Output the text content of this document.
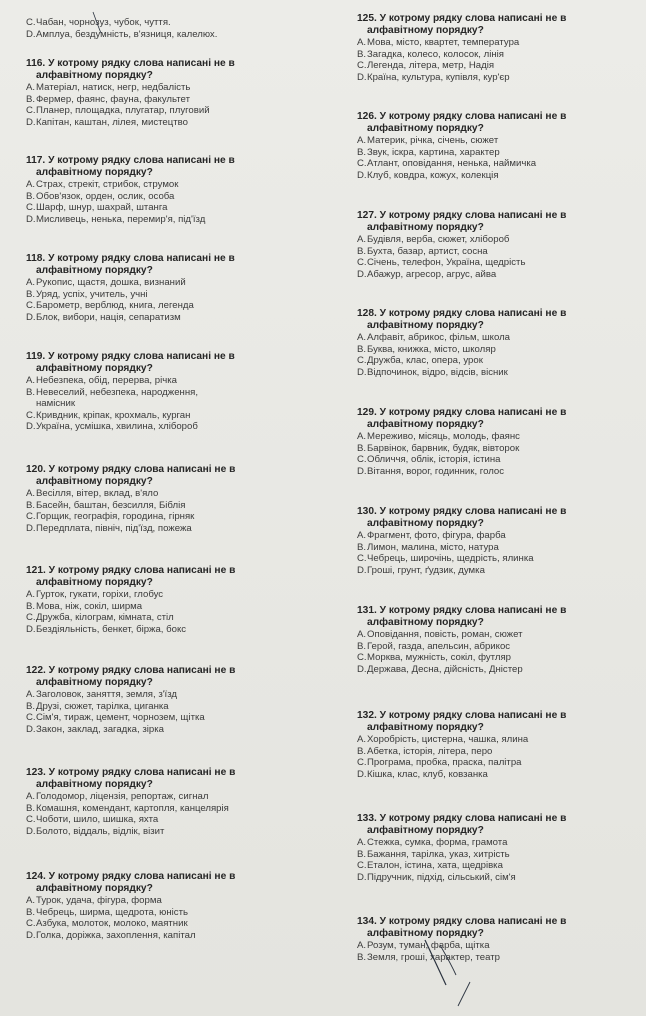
C.Чабан, чорнозуз, чубок, чуття.
D.Амплуа, бездумність, в'язниця, калелюх.
116. У котрому рядку слова написані не в
алфавітному порядку?
A.Матеріал, натиск, негр, недбалість
B.Фермер, фаянс, фауна, факультет
C.Планер, площадка, плугатар, плуговий
D.Капітан, каштан, лілея, мистецтво
117. У котрому рядку слова написані не в
алфавітному порядку?
A.Страх, стрекіт, стрибок, струмок
B.Обов'язок, орден, ослик, особа
C.Шарф, шнур, шахрай, штанга
D.Мисливець, ненька, перемир'я, під'їзд
118. У котрому рядку слова написані не в
алфавітному порядку?
A.Рукопис, щастя, дошка, визнаний
B.Уряд, успіх, учитель, учні
C.Барометр, верблюд, книга, легенда
D.Блок, вибори, нація, сепаратизм
119. У котрому рядку слова написані не в
алфавітному порядку?
A.Небезпека, обід, перерва, річка
B.Невеселий, небезпека, народження,
намісник
C.Кривдник, кріпак, крохмаль, курган
D.Україна, усмішка, хвилина, хлібороб
120. У котрому рядку слова написані не в
алфавітному порядку?
A.Весілля, вітер, вклад, в'яло
B.Басейн, баштан, безсилля, Біблія
C.Горщик, географія, городина, гірняк
D.Передплата, північ, під'їзд, пожежа
121. У котрому рядку слова написані не в
алфавітному порядку?
A.Гурток, гукати, горіхи, глобус
B.Мова, ніж, сокіл, ширма
C.Дружба, кілограм, кімната, стіл
D.Бездіяльність, бенкет, біржа, бокс
122. У котрому рядку слова написані не в
алфавітному порядку?
A.Заголовок, заняття, земля, з'їзд
B.Друзі, сюжет, тарілка, циганка
C.Сім'я, тираж, цемент, чорнозем, щітка
D.Закон, заклад, загадка, зірка
123. У котрому рядку слова написані не в
алфавітному порядку?
A.Голодомор, ліцензія, репортаж, сигнал
B.Комашня, комендант, картопля, канцелярія
C.Чоботи, шило, шишка, яхта
D.Болото, віддаль, відлік, візит
124. У котрому рядку слова написані не в
алфавітному порядку?
A.Турок, удача, фігура, форма
B.Чебрець, ширма, щедрота, юність
C.Азбука, молоток, молоко, маятник
D.Голка, доріжка, захоплення, капітал
125. У котрому рядку слова написані не в
алфавітному порядку?
A.Мова, місто, квартет, температура
B.Загадка, колесо, колосок, лінія
C.Легенда, літера, метр, Надія
D.Країна, культура, купівля, кур'єр
126. У котрому рядку слова написані не в
алфавітному порядку?
A.Материк, річка, січень, сюжет
B.Звук, іскра, картина, характер
C.Атлант, оповідання, ненька, наймичка
D.Клуб, ковдра, кожух, колекція
127. У котрому рядку слова написані не в
алфавітному порядку?
A.Будівля, верба, сюжет, хлібороб
B.Бухта, базар, артист, сосна
C.Січень, телефон, Україна, щедрість
D.Абажур, агресор, агрус, айва
128. У котрому рядку слова написані не в
алфавітному порядку?
A.Алфавіт, абрикос, фільм, школа
B.Буква, книжка, місто, школяр
C.Дружба, клас, опера, урок
D.Відпочинок, відро, відсів, вісник
129. У котрому рядку слова написані не в
алфавітному порядку?
A.Мереживо, місяць, молодь, фаянс
B.Барвінок, барвник, будяк, вівторок
C.Обличчя, облік, історія, істина
D.Вітання, ворог, годинник, голос
130. У котрому рядку слова написані не в
алфавітному порядку?
A.Фрагмент, фото, фігура, фарба
B.Лимон, малина, місто, натура
C.Чебрець, широчінь, щедрість, ялинка
D.Гроші, грунт, ґудзик, думка
131. У котрому рядку слова написані не в
алфавітному порядку?
A.Оповідання, повість, роман, сюжет
B.Герой, газда, апельсин, абрикос
C.Морква, мужність, сокіл, футляр
D.Держава, Десна, дійсність, Дністер
132. У котрому рядку слова написані не в
алфавітному порядку?
A.Хоробрість, цистерна, чашка, ялина
B.Абетка, історія, літера, перо
C.Програма, пробка, праска, палітра
D.Кішка, клас, клуб, ковзанка
133. У котрому рядку слова написані не в
алфавітному порядку?
A.Стежка, сумка, форма, грамота
B.Бажання, тарілка, указ, хитрість
C.Еталон, істина, хата, щедрівка
D.Підручник, підхід, сільський, сім'я
134. У котрому рядку слова написані не в
алфавітному порядку?
A.Розум, туман, фарба, щітка
B.Земля, гроші, характер, театр
